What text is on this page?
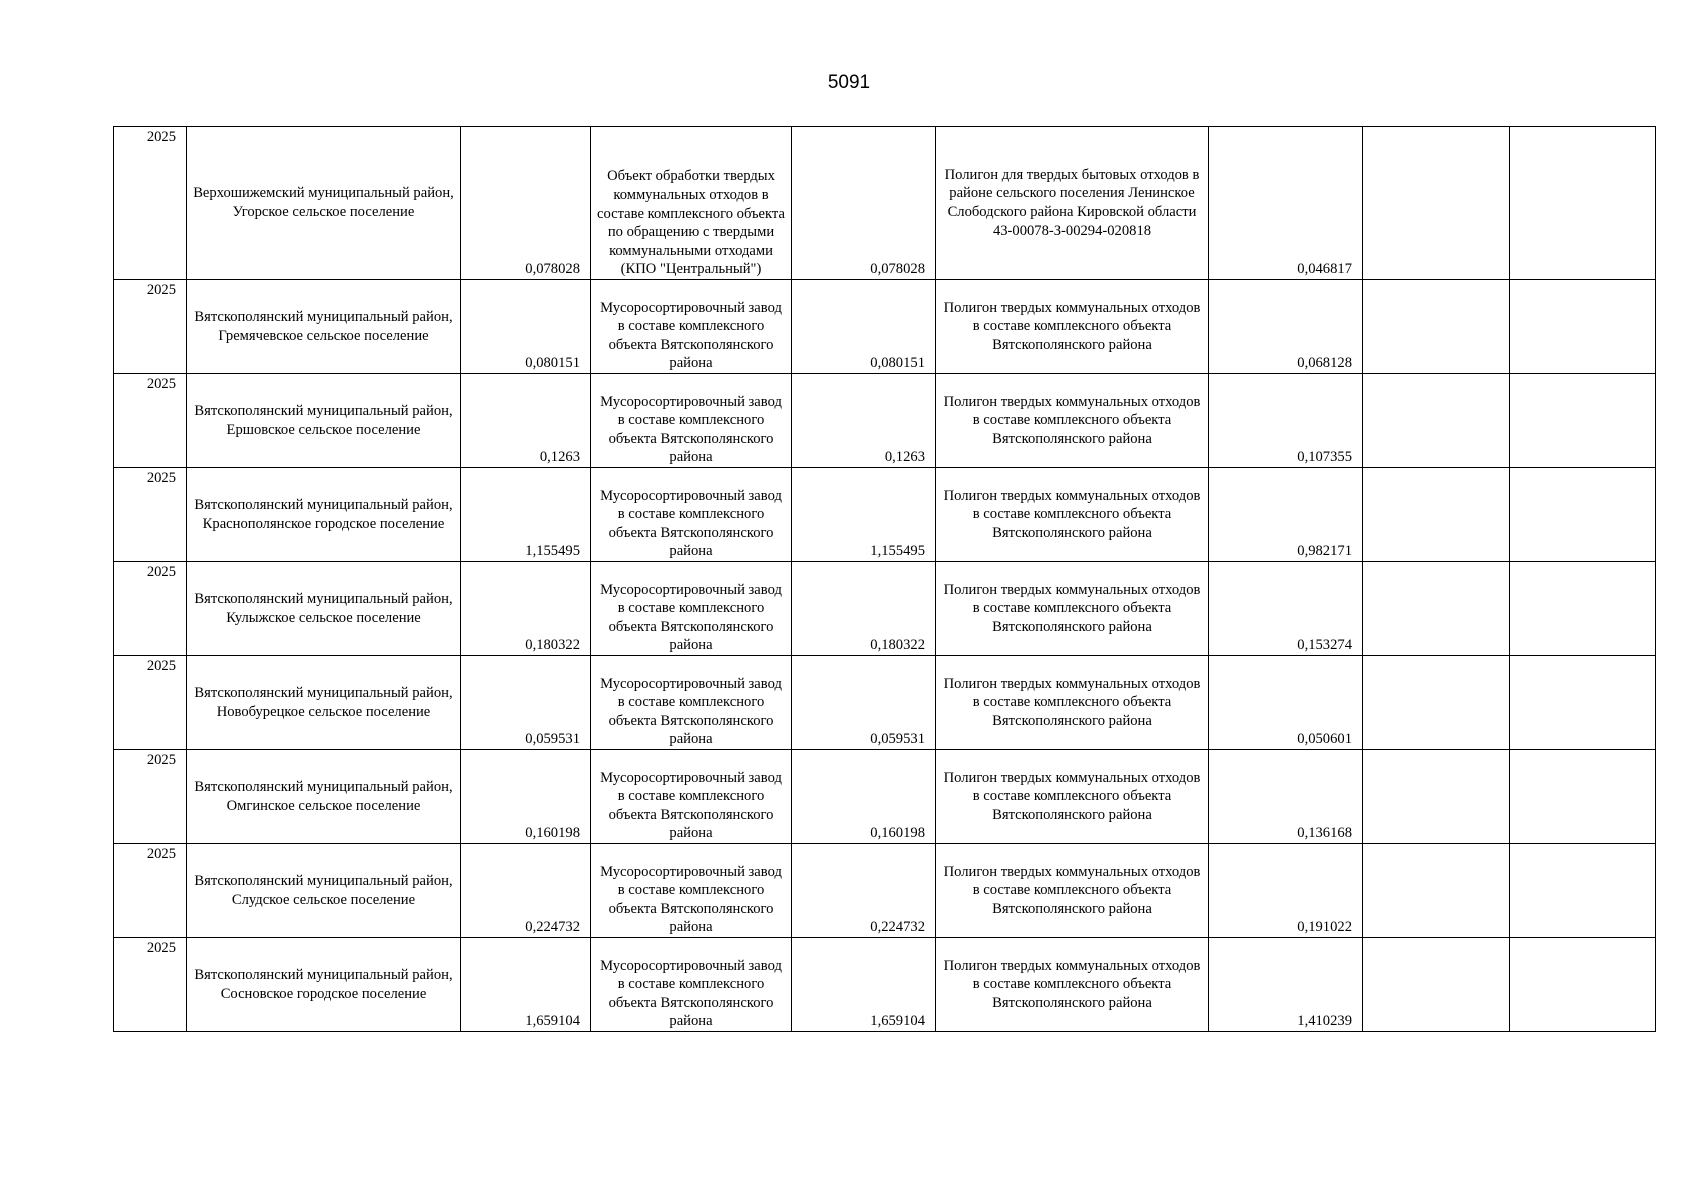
5091
2025	Верхошижемский муниципальный район, Угорское сельское поселение	0,078028	Объект обработки твердых коммунальных отходов в составе комплексного объекта по обращению с твердыми коммунальными отходами (КПО "Центральный")	0,078028	Полигон для твердых бытовых отходов в районе сельского поселения Ленинское Слободского района Кировской области 43-00078-З-00294-020818	0,046817		
2025	Вятскополянский муниципальный район, Гремячевское сельское поселение	0,080151	Мусоросортировочный завод в составе комплексного объекта Вятскополянского района	0,080151	Полигон твердых коммунальных отходов в составе комплексного объекта Вятскополянского района	0,068128		
2025	Вятскополянский муниципальный район, Ершовское сельское поселение	0,1263	Мусоросортировочный завод в составе комплексного объекта Вятскополянского района	0,1263	Полигон твердых коммунальных отходов в составе комплексного объекта Вятскополянского района	0,107355		
2025	Вятскополянский муниципальный район, Краснополянское городское поселение	1,155495	Мусоросортировочный завод в составе комплексного объекта Вятскополянского района	1,155495	Полигон твердых коммунальных отходов в составе комплексного объекта Вятскополянского района	0,982171		
2025	Вятскополянский муниципальный район, Кулыжское сельское поселение	0,180322	Мусоросортировочный завод в составе комплексного объекта Вятскополянского района	0,180322	Полигон твердых коммунальных отходов в составе комплексного объекта Вятскополянского района	0,153274		
2025	Вятскополянский муниципальный район, Новобурецкое сельское поселение	0,059531	Мусоросортировочный завод в составе комплексного объекта Вятскополянского района	0,059531	Полигон твердых коммунальных отходов в составе комплексного объекта Вятскополянского района	0,050601		
2025	Вятскополянский муниципальный район, Омгинское сельское поселение	0,160198	Мусоросортировочный завод в составе комплексного объекта Вятскополянского района	0,160198	Полигон твердых коммунальных отходов в составе комплексного объекта Вятскополянского района	0,136168		
2025	Вятскополянский муниципальный район, Слудское сельское поселение	0,224732	Мусоросортировочный завод в составе комплексного объекта Вятскополянского района	0,224732	Полигон твердых коммунальных отходов в составе комплексного объекта Вятскополянского района	0,191022		
2025	Вятскополянский муниципальный район, Сосновское городское поселение	1,659104	Мусоросортировочный завод в составе комплексного объекта Вятскополянского района	1,659104	Полигон твердых коммунальных отходов в составе комплексного объекта Вятскополянского района	1,410239		
